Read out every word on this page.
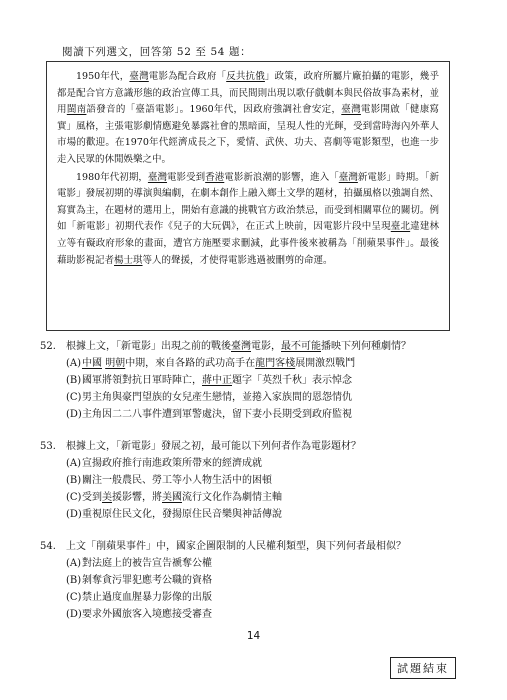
閱讀下列選文，回答第 52 至 54 題：

1950年代，臺灣電影為配合政府「反共抗俄」政策，政府所屬片廠拍攝的電影，幾乎都是配合官方意識形態的政治宣傳工具，而民間則出現以歌仔戲劇本與民俗故事為素材，並用閩南語發音的「臺語電影」。1960年代，因政府強調社會安定，臺灣電影開啟「健康寫實」風格，主張電影劇情應避免暴露社會的黑暗面，呈現人性的光輝，受到當時海內外華人市場的歡迎。在1970年代經濟成長之下，愛情、武俠、功夫、喜劇等電影類型，也進一步走入民眾的休閒娛樂之中。

1980年代初期，臺灣電影受到香港電影新浪潮的影響，進入「臺灣新電影」時期。「新電影」發展初期的導演與編劇，在劇本創作上融入鄉土文學的題材，拍攝風格以強調自然、寫實為主，在題材的選用上，開始有意識的挑戰官方政治禁忌，而受到相關單位的關切。例如「新電影」初期代表作《兒子的大玩偶》，在正式上映前，因電影片段中呈現臺北違建林立等有礙政府形象的畫面，遭官方施壓要求刪減，此事件後來被稱為「削蘋果事件」。最後藉助影視記者楊士琪等人的聲援，才使得電影逃過被刪剪的命運。

52. 根據上文，「新電影」出現之前的戰後臺灣電影，最不可能播映下列何種劇情？
(A)中國 明朝中期，來自各路的武功高手在龍門客棧展開激烈戰鬥
(B)國軍將領對抗日軍時陣亡，蔣中正題字「英烈千秋」表示悼念
(C)男主角與豪門望族的女兒產生戀情，並捲入家族間的恩怨情仇
(D)主角因二二八事件遭到軍警處決，留下妻小長期受到政府監視
53. 根據上文，「新電影」發展之初，最可能以下列何者作為電影題材？
(A)宣揚政府推行南進政策所帶來的經濟成就
(B)關注一般農民、勞工等小人物生活中的困頓
(C)受到美援影響，將美國流行文化作為劇情主軸
(D)重視原住民文化，發揚原住民音樂與神話傳說
54. 上文「削蘋果事件」中，國家企圖限制的人民權利類型，與下列何者最相似？
(A)對法庭上的被告宣告褫奪公權
(B)剝奪貪污罪犯應考公職的資格
(C)禁止過度血腥暴力影像的出版
(D)要求外國旅客入境應接受審查
14
試題結束
